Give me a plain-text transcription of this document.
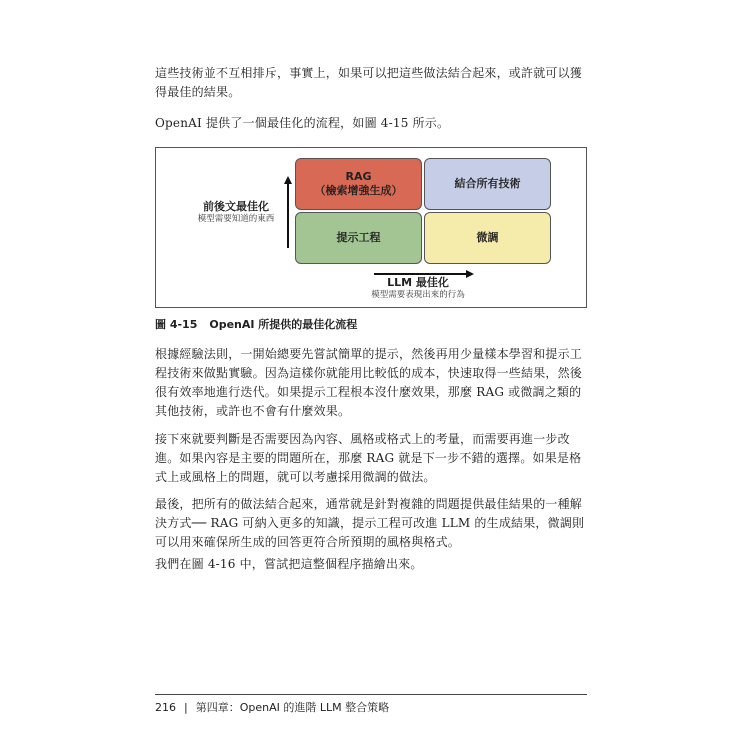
這些技術並不互相排斥，事實上，如果可以把這些做法結合起來，或許就可以獲
得最佳的結果。
OpenAI 提供了一個最佳化的流程，如圖 4-15 所示。
前後文最佳化
模型需要知道的東西
RAG
（檢索增強生成）
結合所有技術
提示工程	微調
LLM 最佳化
模型需要表現出來的行為
圖 4-15 OpenAI 所提供的最佳化流程
根據經驗法則，一開始總要先嘗試簡單的提示，然後再用少量樣本學習和提示工
程技術來做點實驗。因為這樣你就能用比較低的成本，快速取得一些結果，然後
很有效率地進行迭代。如果提示工程根本沒什麼效果，那麼 RAG 或微調之類的
其他技術，或許也不會有什麼效果。
接下來就要判斷是否需要因為內容、風格或格式上的考量，而需要再進一步改
進。如果內容是主要的問題所在，那麼 RAG 就是下一步不錯的選擇。如果是格
式上或風格上的問題，就可以考慮採用微調的做法。
最後，把所有的做法結合起來，通常就是針對複雜的問題提供最佳結果的一種解
決方式── RAG 可納入更多的知識，提示工程可改進 LLM 的生成結果，微調則
可以用來確保所生成的回答更符合所預期的風格與格式。
我們在圖 4-16 中，嘗試把這整個程序描繪出來。
216 | 第四章：OpenAI 的進階 LLM 整合策略
